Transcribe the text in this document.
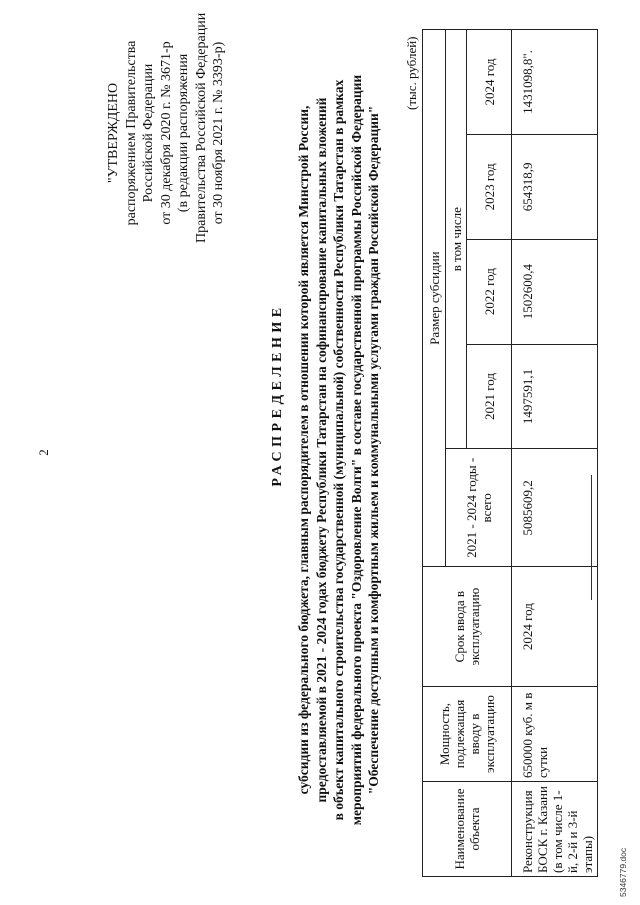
2
"УТВЕРЖДЕНО распоряжением Правительства Российской Федерации от 30 декабря 2020 г. № 3671-р (в редакции распоряжения Правительства Российской Федерации от 30 ноября 2021 г. № 3393-р)
РАСПРЕДЕЛЕНИЕ субсидии из федерального бюджета, главным распорядителем в отношении которой является Минстрой России, предоставляемой в 2021 - 2024 годах бюджету Республики Татарстан на софинансирование капитальных вложений в объект капитального строительства государственной (муниципальной) собственности Республики Татарстан в рамках мероприятий федерального проекта "Оздоровление Волги" в составе государственной программы Российской Федерации "Обеспечение доступным и комфортным жильем и коммунальными услугами граждан Российской Федерации"
(тыс. рублей)
Наименование объекта	Мощность, подлежащая вводу в эксплуатацию	Срок ввода в эксплуатацию	Размер субсидии				
			2021 - 2024 годы - всего	в том числе			
				2021 год	2022 год	2023 год	2024 год
Реконструкция БОСК г. Казани (в том числе 1-й, 2-й и 3-й этапы)	650000 куб. м в сутки	2024 год	5085609,2	1497591,1	1502600,4	654318,9	1431098,8".
5346779.doc
